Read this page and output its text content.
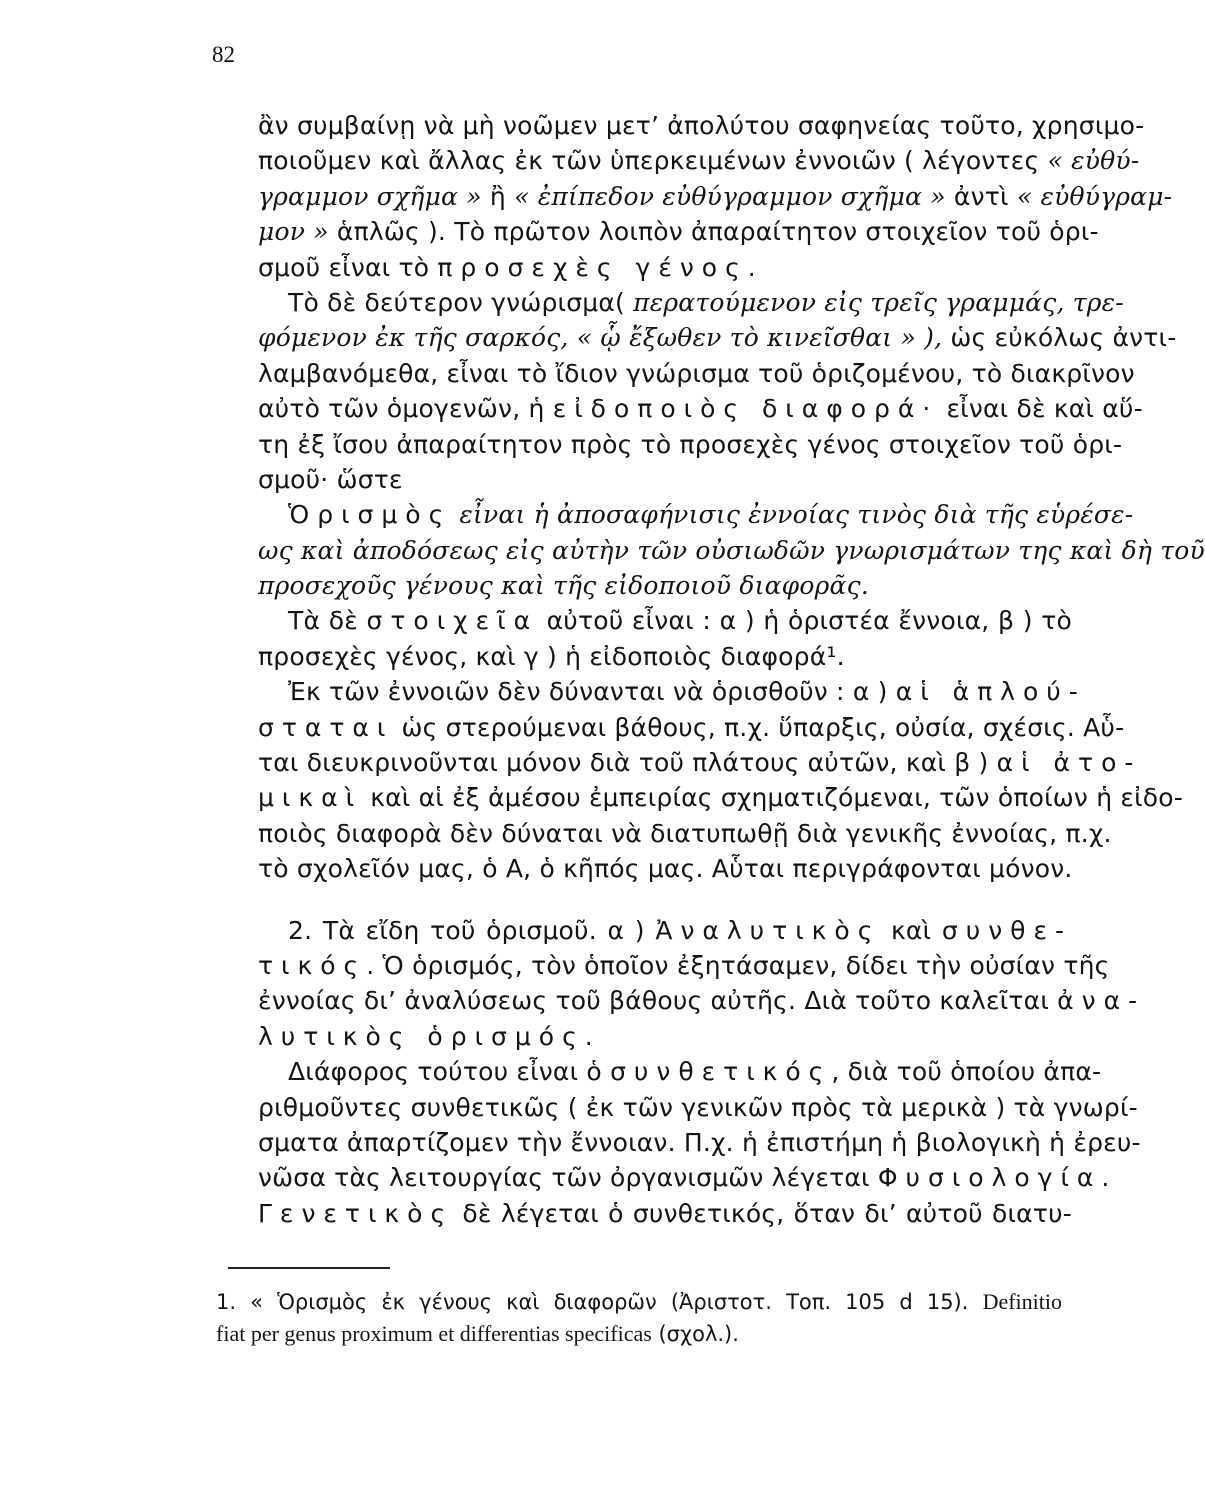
82
ἂν συμβαίνῃ νὰ μὴ νοῶμεν μετ’ ἀπολύτου σαφηνείας τοῦτο, χρησιμο-
ποιοῦμεν καὶ ἄλλας ἐκ τῶν ὑπερκειμένων ἐννοιῶν ( λέγοντες « εὐθύ-
γραμμον σχῆμα » ἢ « ἐπίπεδον εὐθύγραμμον σχῆμα » ἀντὶ « εὐθύγραμ-
μον » ἁπλῶς ). Τὸ πρῶτον λοιπὸν ἀπαραίτητον στοιχεῖον τοῦ ὁρι-
σμοῦ εἶναι τὸ προσεχὲς γένος.
Τὸ δὲ δεύτερον γνώρισμα( περατούμενον εἰς τρεῖς γραμμάς, τρε-
φόμενον ἐκ τῆς σαρκός, « ᾧ ἔξωθεν τὸ κινεῖσθαι » ), ὡς εὐκόλως ἀντι-
λαμβανόμεθα, εἶναι τὸ ἴδιον γνώρισμα τοῦ ὁριζομένου, τὸ διακρῖνον
αὐτὸ τῶν ὁμογενῶν, ἡ εἰδοποιὸς διαφορά· εἶναι δὲ καὶ αὕ-
τη ἐξ ἴσου ἀπαραίτητον πρὸς τὸ προσεχὲς γένος στοιχεῖον τοῦ ὁρι-
σμοῦ· ὥστε
Ὁρισμὸς εἶναι ἡ ἀποσαφήνισις ἐννοίας τινὸς διὰ τῆς εὑρέσε-
ως καὶ ἀποδόσεως εἰς αὐτὴν τῶν οὐσιωδῶν γνωρισμάτων της καὶ δὴ τοῦ
προσεχοῦς γένους καὶ τῆς εἰδοποιοῦ διαφορᾶς.
Τὰ δὲ στοιχεῖα αὐτοῦ εἶναι : α ) ἡ ὁριστέα ἔννοια, β ) τὸ
προσεχὲς γένος, καὶ γ ) ἡ εἰδοποιὸς διαφορά¹.
Ἐκ τῶν ἐννοιῶν δὲν δύνανται νὰ ὁρισθοῦν : α ) αἱ ἁπλού-
σταται ὡς στερούμεναι βάθους, π.χ. ὕπαρξις, οὐσία, σχέσις. Αὗ-
ται διευκρινοῦνται μόνον διὰ τοῦ πλάτους αὐτῶν, καὶ β ) αἱ ἀτο-
μικαὶ καὶ αἱ ἐξ ἀμέσου ἐμπειρίας σχηματιζόμεναι, τῶν ὁποίων ἡ εἰδο-
ποιὸς διαφορὰ δὲν δύναται νὰ διατυπωθῇ διὰ γενικῆς ἐννοίας, π.χ.
τὸ σχολεῖόν μας, ὁ Α, ὁ κῆπός μας. Αὗται περιγράφονται μόνον.
2. Τὰ εἴδη τοῦ ὁρισμοῦ. α ) Ἀναλυτικὸς καὶ συνθε-
τικός. Ὁ ὁρισμός, τὸν ὁποῖον ἐξητάσαμεν, δίδει τὴν οὐσίαν τῆς
ἐννοίας δι’ ἀναλύσεως τοῦ βάθους αὐτῆς. Διὰ τοῦτο καλεῖται ἀνα-
λυτικὸς ὁρισμός.
Διάφορος τούτου εἶναι ὁ συνθετικός, διὰ τοῦ ὁποίου ἀπα-
ριθμοῦντες συνθετικῶς ( ἐκ τῶν γενικῶν πρὸς τὰ μερικὰ ) τὰ γνωρί-
σματα ἀπαρτίζομεν τὴν ἔννοιαν. Π.χ. ἡ ἐπιστήμη ἡ βιολογικὴ ἡ ἐρευ-
νῶσα τὰς λειτουργίας τῶν ὀργανισμῶν λέγεται Φυσιολογία.
Γενετικὸς δὲ λέγεται ὁ συνθετικός, ὅταν δι’ αὐτοῦ διατυ-
1. « Ὁρισμὸς ἐκ γένους καὶ διαφορῶν (Ἀριστοτ. Τοπ. 105 d 15). Definitio
fiat per genus proximum et differentias specificas (σχολ.).
